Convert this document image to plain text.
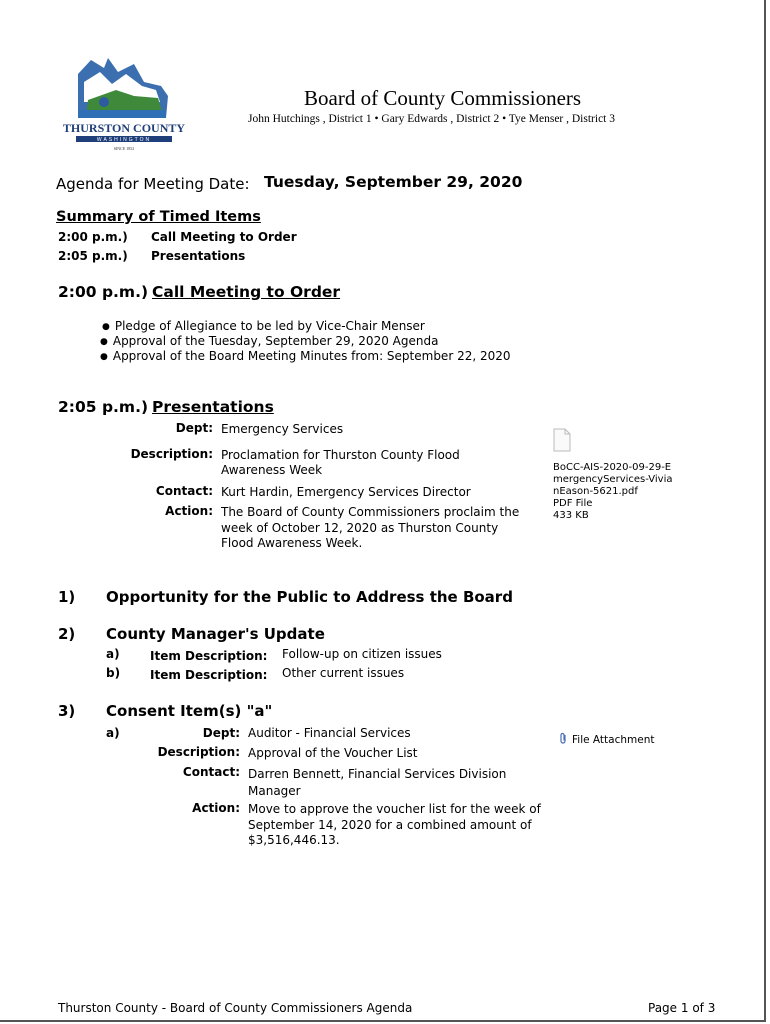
THURSTON COUNTY
WASHINGTON
SINCE 1852
Board of County Commissioners
John Hutchings , District 1 • Gary Edwards , District 2 • Tye Menser , District 3
Agenda for Meeting Date: Tuesday, September 29, 2020
Summary of Timed Items
2:00 p.m.) Call Meeting to Order
2:05 p.m.) Presentations
2:00 p.m.) Call Meeting to Order
● Pledge of Allegiance to be led by Vice-Chair Menser
● Approval of the Tuesday, September 29, 2020 Agenda
● Approval of the Board Meeting Minutes from: September 22, 2020
2:05 p.m.) Presentations
Dept: Emergency Services
Description: Proclamation for Thurston County Flood Awareness Week
Contact: Kurt Hardin, Emergency Services Director
Action: The Board of County Commissioners proclaim the week of October 12, 2020 as Thurston County Flood Awareness Week.
BoCC-AIS-2020-09-29-EmergencyServices-VivianEason-5621.pdf
PDF File
433 KB
1) Opportunity for the Public to Address the Board
2) County Manager's Update
a)	Item Description: Follow-up on citizen issues
b) Item Description: Other current issues
3) Consent Item(s) "a"
a)	Dept: Auditor - Financial Services
Description: Approval of the Voucher List
Contact: Darren Bennett, Financial Services Division Manager
Action: Move to approve the voucher list for the week of September 14, 2020 for a combined amount of $3,516,446.13.
File Attachment
Thurston County - Board of County Commissioners Agenda	Page 1 of 3
